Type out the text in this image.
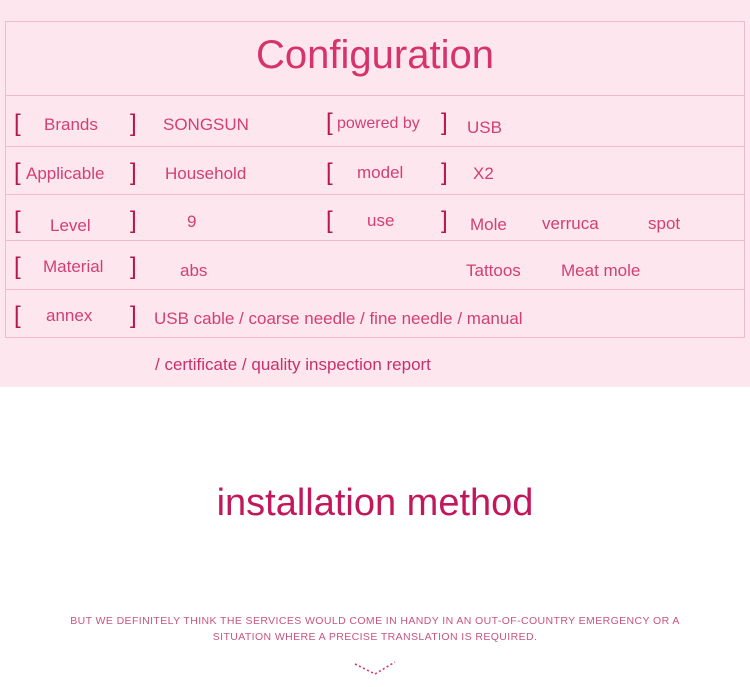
Configuration
[ Brands ] SONGSUN	[ powered by ] USB
[ Applicable ] Household	[ model ] X2
[ Level ]	9	[ use ] Mole verruca	spot
[ Material ]	abs	Tattoos Meat mole
[ annex ] USB cable / coarse needle / fine needle / manual
/ certificate / quality inspection report
installation method
BUT WE DEFINITELY THINK THE SERVICES WOULD COME IN HANDY IN AN OUT-OF-COUNTRY EMERGENCY OR A
SITUATION WHERE A PRECISE TRANSLATION IS REQUIRED.
